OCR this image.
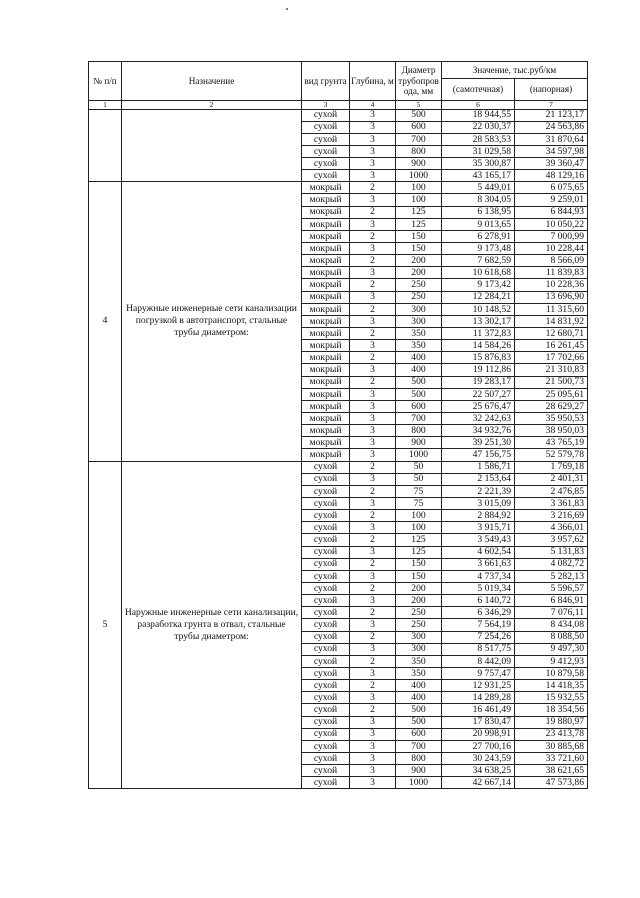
№ п/п	Назначение	вид грунта	Глубина, м	Диаметр трубопров ода, мм	Значение, тыс.руб/км	
					(самотечная)	(напорная)
1	2	3	4	5	6	7
		сухой	3	500	18 944,55	21 123,17
		сухой	3	600	22 030,37	24 563,86
		сухой	3	700	28 583,53	31 870,64
		сухой	3	800	31 029,58	34 597,98
		сухой	3	900	35 300,87	39 360,47
		сухой	3	1000	43 165,17	48 129,16
4	Наружные инженерные сети канализации погрузкой в автотранспорт, стальные трубы диаметром:	мокрый	2	100	5 449,01	6 075,65
		мокрый	3	100	8 304,05	9 259,01
		мокрый	2	125	6 138,95	6 844,93
		мокрый	3	125	9 013,65	10 050,22
		мокрый	2	150	6 278,91	7 000,99
		мокрый	3	150	9 173,48	10 228,44
		мокрый	2	200	7 682,59	8 566,09
		мокрый	3	200	10 618,68	11 839,83
		мокрый	2	250	9 173,42	10 228,36
		мокрый	3	250	12 284,21	13 696,90
		мокрый	2	300	10 148,52	11 315,60
		мокрый	3	300	13 302,17	14 831,92
		мокрый	2	350	11 372,83	12 680,71
		мокрый	3	350	14 584,26	16 261,45
		мокрый	2	400	15 876,83	17 702,66
		мокрый	3	400	19 112,86	21 310,83
		мокрый	2	500	19 283,17	21 500,73
		мокрый	3	500	22 507,27	25 095,61
		мокрый	3	600	25 676,47	28 629,27
		мокрый	3	700	32 242,63	35 950,53
		мокрый	3	800	34 932,76	38 950,03
		мокрый	3	900	39 251,30	43 765,19
		мокрый	3	1000	47 156,75	52 579,78
5	Наружные инженерные сети канализации, разработка грунта в отвал, стальные трубы диаметром:	сухой	2	50	1 586,71	1 769,18
		сухой	3	50	2 153,64	2 401,31
		сухой	2	75	2 221,39	2 476,85
		сухой	3	75	3 015,09	3 361,83
		сухой	2	100	2 884,92	3 216,69
		сухой	3	100	3 915,71	4 366,01
		сухой	2	125	3 549,43	3 957,62
		сухой	3	125	4 602,54	5 131,83
		сухой	2	150	3 661,63	4 082,72
		сухой	3	150	4 737,34	5 282,13
		сухой	2	200	5 019,34	5 596,57
		сухой	3	200	6 140,72	6 846,91
		сухой	2	250	6 346,29	7 076,11
		сухой	3	250	7 564,19	8 434,08
		сухой	2	300	7 254,26	8 088,50
		сухой	3	300	8 517,75	9 497,30
		сухой	2	350	8 442,09	9 412,93
		сухой	3	350	9 757,47	10 879,58
		сухой	2	400	12 931,25	14 418,35
		сухой	3	400	14 289,28	15 932,55
		сухой	2	500	16 461,49	18 354,56
		сухой	3	500	17 830,47	19 880,97
		сухой	3	600	20 998,91	23 413,78
		сухой	3	700	27 700,16	30 885,68
		сухой	3	800	30 243,59	33 721,60
		сухой	3	900	34 638,25	38 621,65
		сухой	3	1000	42 667,14	47 573,86
